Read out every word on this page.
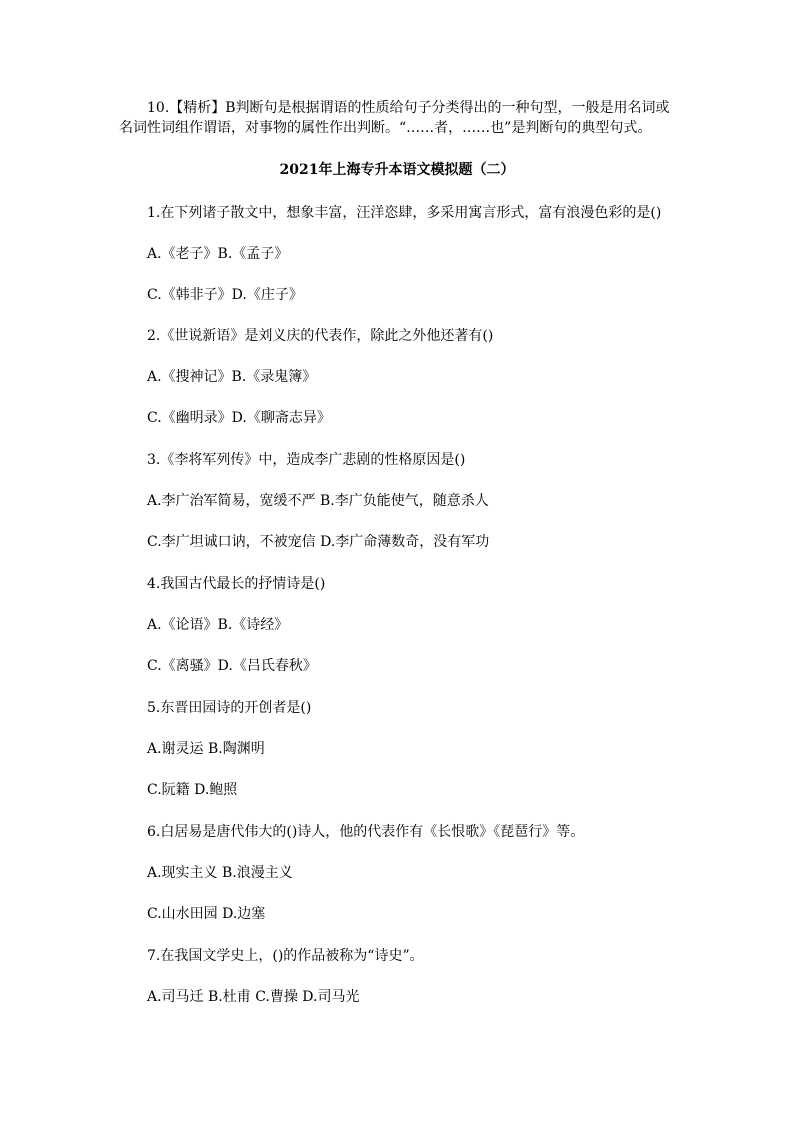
10.【精析】B判断句是根据谓语的性质给句子分类得出的一种句型，一般是用名词或
名词性词组作谓语，对事物的属性作出判断。“……者，……也”是判断句的典型句式。
2021年上海专升本语文模拟题（二）
1.在下列诸子散文中，想象丰富，汪洋恣肆，多采用寓言形式，富有浪漫色彩的是()
A.《老子》B.《孟子》
C.《韩非子》D.《庄子》
2.《世说新语》是刘义庆的代表作，除此之外他还著有()
A.《搜神记》B.《录鬼簿》
C.《幽明录》D.《聊斋志异》
3.《李将军列传》中，造成李广悲剧的性格原因是()
A.李广治军简易，宽缓不严 B.李广负能使气，随意杀人
C.李广坦诚口讷，不被宠信 D.李广命薄数奇，没有军功
4.我国古代最长的抒情诗是()
A.《论语》B.《诗经》
C.《离骚》D.《吕氏春秋》
5.东晋田园诗的开创者是()
A.谢灵运 B.陶渊明
C.阮籍 D.鲍照
6.白居易是唐代伟大的()诗人，他的代表作有《长恨歌》《琵琶行》等。
A.现实主义 B.浪漫主义
C.山水田园 D.边塞
7.在我国文学史上，()的作品被称为“诗史”。
A.司马迁 B.杜甫 C.曹操 D.司马光
